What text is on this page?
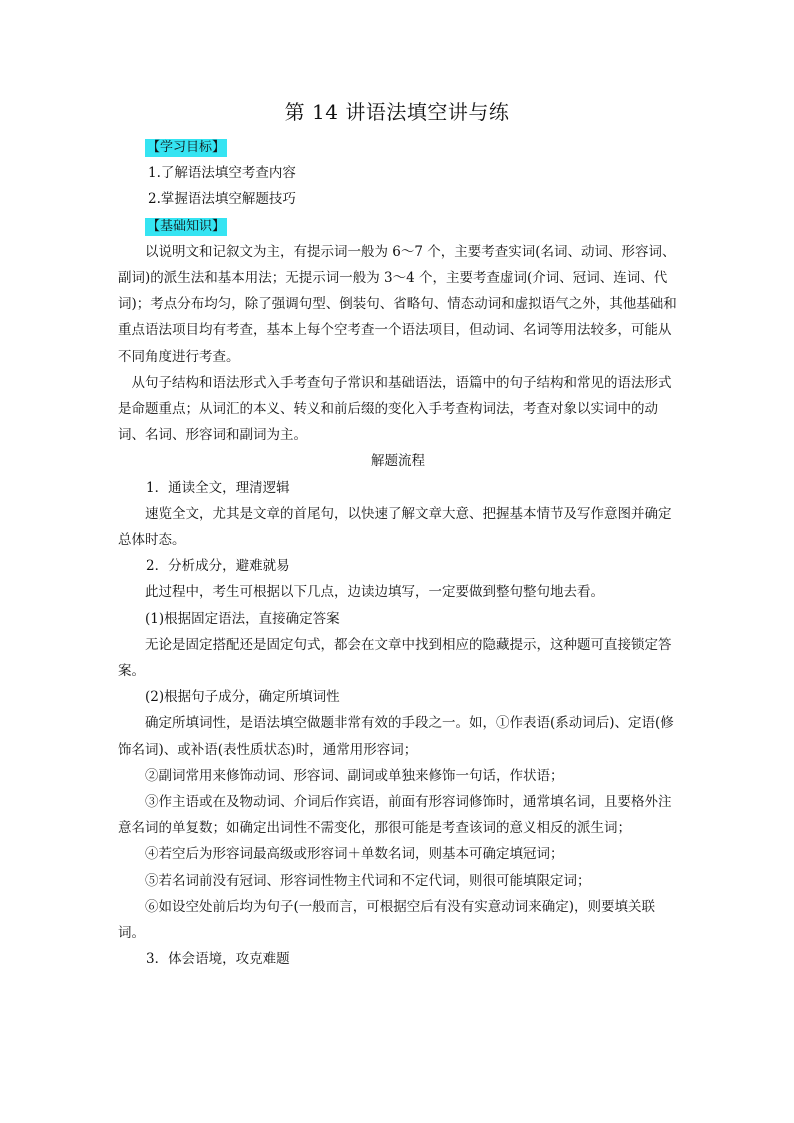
第 14 讲语法填空讲与练

【学习目标】

1.了解语法填空考查内容

2.掌握语法填空解题技巧

【基础知识】

以说明文和记叙文为主，有提示词一般为 6～7 个，主要考查实词(名词、动词、形容词、副词)的派生法和基本用法；无提示词一般为 3～4 个，主要考查虚词(介词、冠词、连词、代词)；考点分布均匀，除了强调句型、倒装句、省略句、情态动词和虚拟语气之外，其他基础和重点语法项目均有考查，基本上每个空考查一个语法项目，但动词、名词等用法较多，可能从不同角度进行考查。

从句子结构和语法形式入手考查句子常识和基础语法，语篇中的句子结构和常见的语法形式是命题重点；从词汇的本义、转义和前后缀的变化入手考查构词法，考查对象以实词中的动词、名词、形容词和副词为主。

解题流程

1．通读全文，理清逻辑

速览全文，尤其是文章的首尾句，以快速了解文章大意、把握基本情节及写作意图并确定总体时态。

2．分析成分，避难就易

此过程中，考生可根据以下几点，边读边填写，一定要做到整句整句地去看。

(1)根据固定语法，直接确定答案

无论是固定搭配还是固定句式，都会在文章中找到相应的隐藏提示，这种题可直接锁定答案。

(2)根据句子成分，确定所填词性

确定所填词性，是语法填空做题非常有效的手段之一。如，①作表语(系动词后)、定语(修饰名词)、或补语(表性质状态)时，通常用形容词；

②副词常用来修饰动词、形容词、副词或单独来修饰一句话，作状语；

③作主语或在及物动词、介词后作宾语，前面有形容词修饰时，通常填名词，且要格外注意名词的单复数；如确定出词性不需变化，那很可能是考查该词的意义相反的派生词；

④若空后为形容词最高级或形容词＋单数名词，则基本可确定填冠词；

⑤若名词前没有冠词、形容词性物主代词和不定代词，则很可能填限定词；

⑥如设空处前后均为句子(一般而言，可根据空后有没有实意动词来确定)，则要填关联词。

3．体会语境，攻克难题
